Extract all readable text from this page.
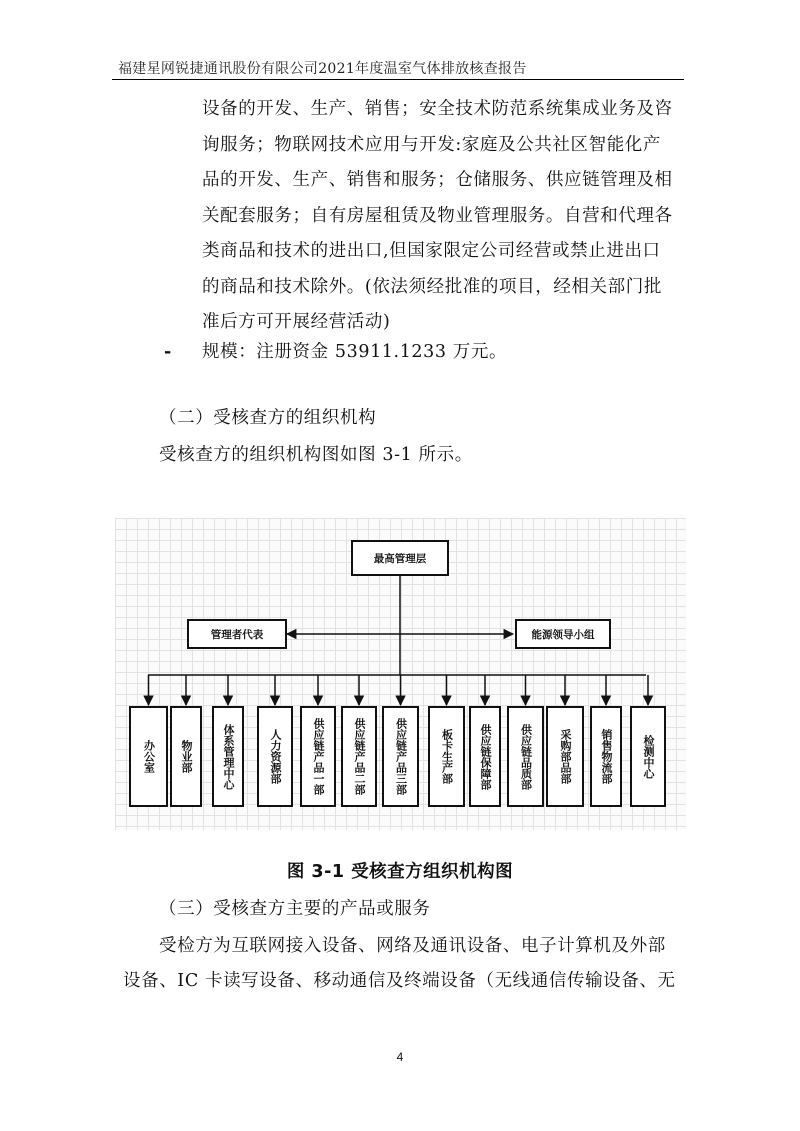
福建星网锐捷通讯股份有限公司2021年度温室气体排放核查报告
设备的开发、生产、销售；安全技术防范系统集成业务及咨
询服务；物联网技术应用与开发:家庭及公共社区智能化产
品的开发、生产、销售和服务；仓储服务、供应链管理及相
关配套服务；自有房屋租赁及物业管理服务。自营和代理各
类商品和技术的进出口,但国家限定公司经营或禁止进出口
的商品和技术除外。(依法须经批准的项目，经相关部门批
准后方可开展经营活动)
- 规模：注册资金 53911.1233 万元。
（二）受核查方的组织机构
受核查方的组织机构图如图 3-1 所示。
最高管理层
管理者代表	能源领导小组
办公室	物业部	体系管理中心	人力资源部	供应链产品一部	供应链产品二部	供应链产品三部	板卡生产部	供应链保障部	供应链品质部	采购部品部	销售物流部	检测中心
图 3-1 受核查方组织机构图
（三）受核查方主要的产品或服务
受检方为互联网接入设备、网络及通讯设备、电子计算机及外部
设备、IC 卡读写设备、移动通信及终端设备（无线通信传输设备、无
4
